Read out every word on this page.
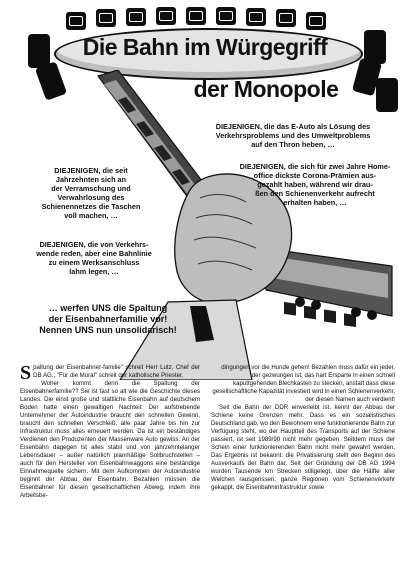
Die Bahn im Würgegriff
der Monopole
DIEJENIGEN, die das E-Auto als Lösung des
Verkehrsproblems und des Umweltproblems
auf den Thron heben, …
DIEJENIGEN, die sich für zwei Jahre Home-
office dickste Corona-Prämien aus-
gezahlt haben, während wir drau-
ßen den Schienenverkehr aufrecht
erhalten haben, …
DIEJENIGEN, die seit
Jahrzehnten sich an
der Verramschung und
Verwahrlosung des
Schienennetzes die Taschen
voll machen, …
DIEJENIGEN, die von Verkehrs-
wende reden, aber eine Bahnlinie
zu einem Werksanschluss
lahm legen, …
… werfen UNS die Spaltung
der Eisenbahnerfamilie vor!
Nennen UNS nun unsolidarisch!

Spaltung der Eisenbahner-familie" schreit Herr Lutz, Chef der DB AG., "Für die Moral" schreit der katholische Priester.

Woher kommt denn die Spaltung der Eisenbahnerfamilie?? Sie ist fast so alt wie die Geschichte dieses Landes. Die einst große und stattliche Eisenbahn auf deutschem Boden hatte einen gewaltigen Nachteil: Der aufstrebende Unternehmer der Autoindustrie braucht den schnellen Gewinn, braucht den schnellen Verschleiß, alle paar Jahre bis hin zur Infrastruktur muss alles erneuert werden. Da ist ein beständiges Verdienen den Produzenten der Massenware Auto gewiss. An der Eisenbahn dagegen ist alles stabil und von jahrzehntelanger Lebensdauer – außer natürlich planmäßige Sollbruchstellen – auch für den Hersteller von Eisenbahnwaggons eine beständige Einnahmequelle sichern. Mit dem Aufkommen der Autoindustrie beginnt der Abbau der Eisenbahn. Bezahlen müssen die Eisenbahner für diesen gesellschaftlichen Abweg, indem ihre Arbeitsbe-

dingungen vor die Hunde gehen! Bezahlen muss dafür ein jeder, der gezwungen ist, das hart Ersparte in einen schnell kaputtgehenden Blechkasten zu stecken, anstatt dass diese gesellschaftliche Kapazität investiert wird in einen Schienenverkehr, der diesen Namen auch verdient!

Seit die Bahn der DDR einverleibt ist, kennt der Abbau der Schiene keine Grenzen mehr. Dass es ein sozialistisches Deutschland gab, wo den Bewohnern eine funktionierende Bahn zur Verfügung steht, wo der Hauptteil des Transports auf der Schiene passiert, ist seit 1989/90 nicht mehr gegeben. Seitdem muss der Schein einer funktionierenden Bahn nicht mehr gewahrt werden. Das Ergebnis ist bekannt: die Privatisierung stellt den Beginn des Ausverkaufs der Bahn dar. Seit der Gründung der DB AG 1994 wurden Tausende km Strecken stillgelegt, über die Hälfte aller Weichen rausgerissen, ganze Regionen vom Schienenverkehr gekappt, die Eisenbahninfrastruktur sowie
